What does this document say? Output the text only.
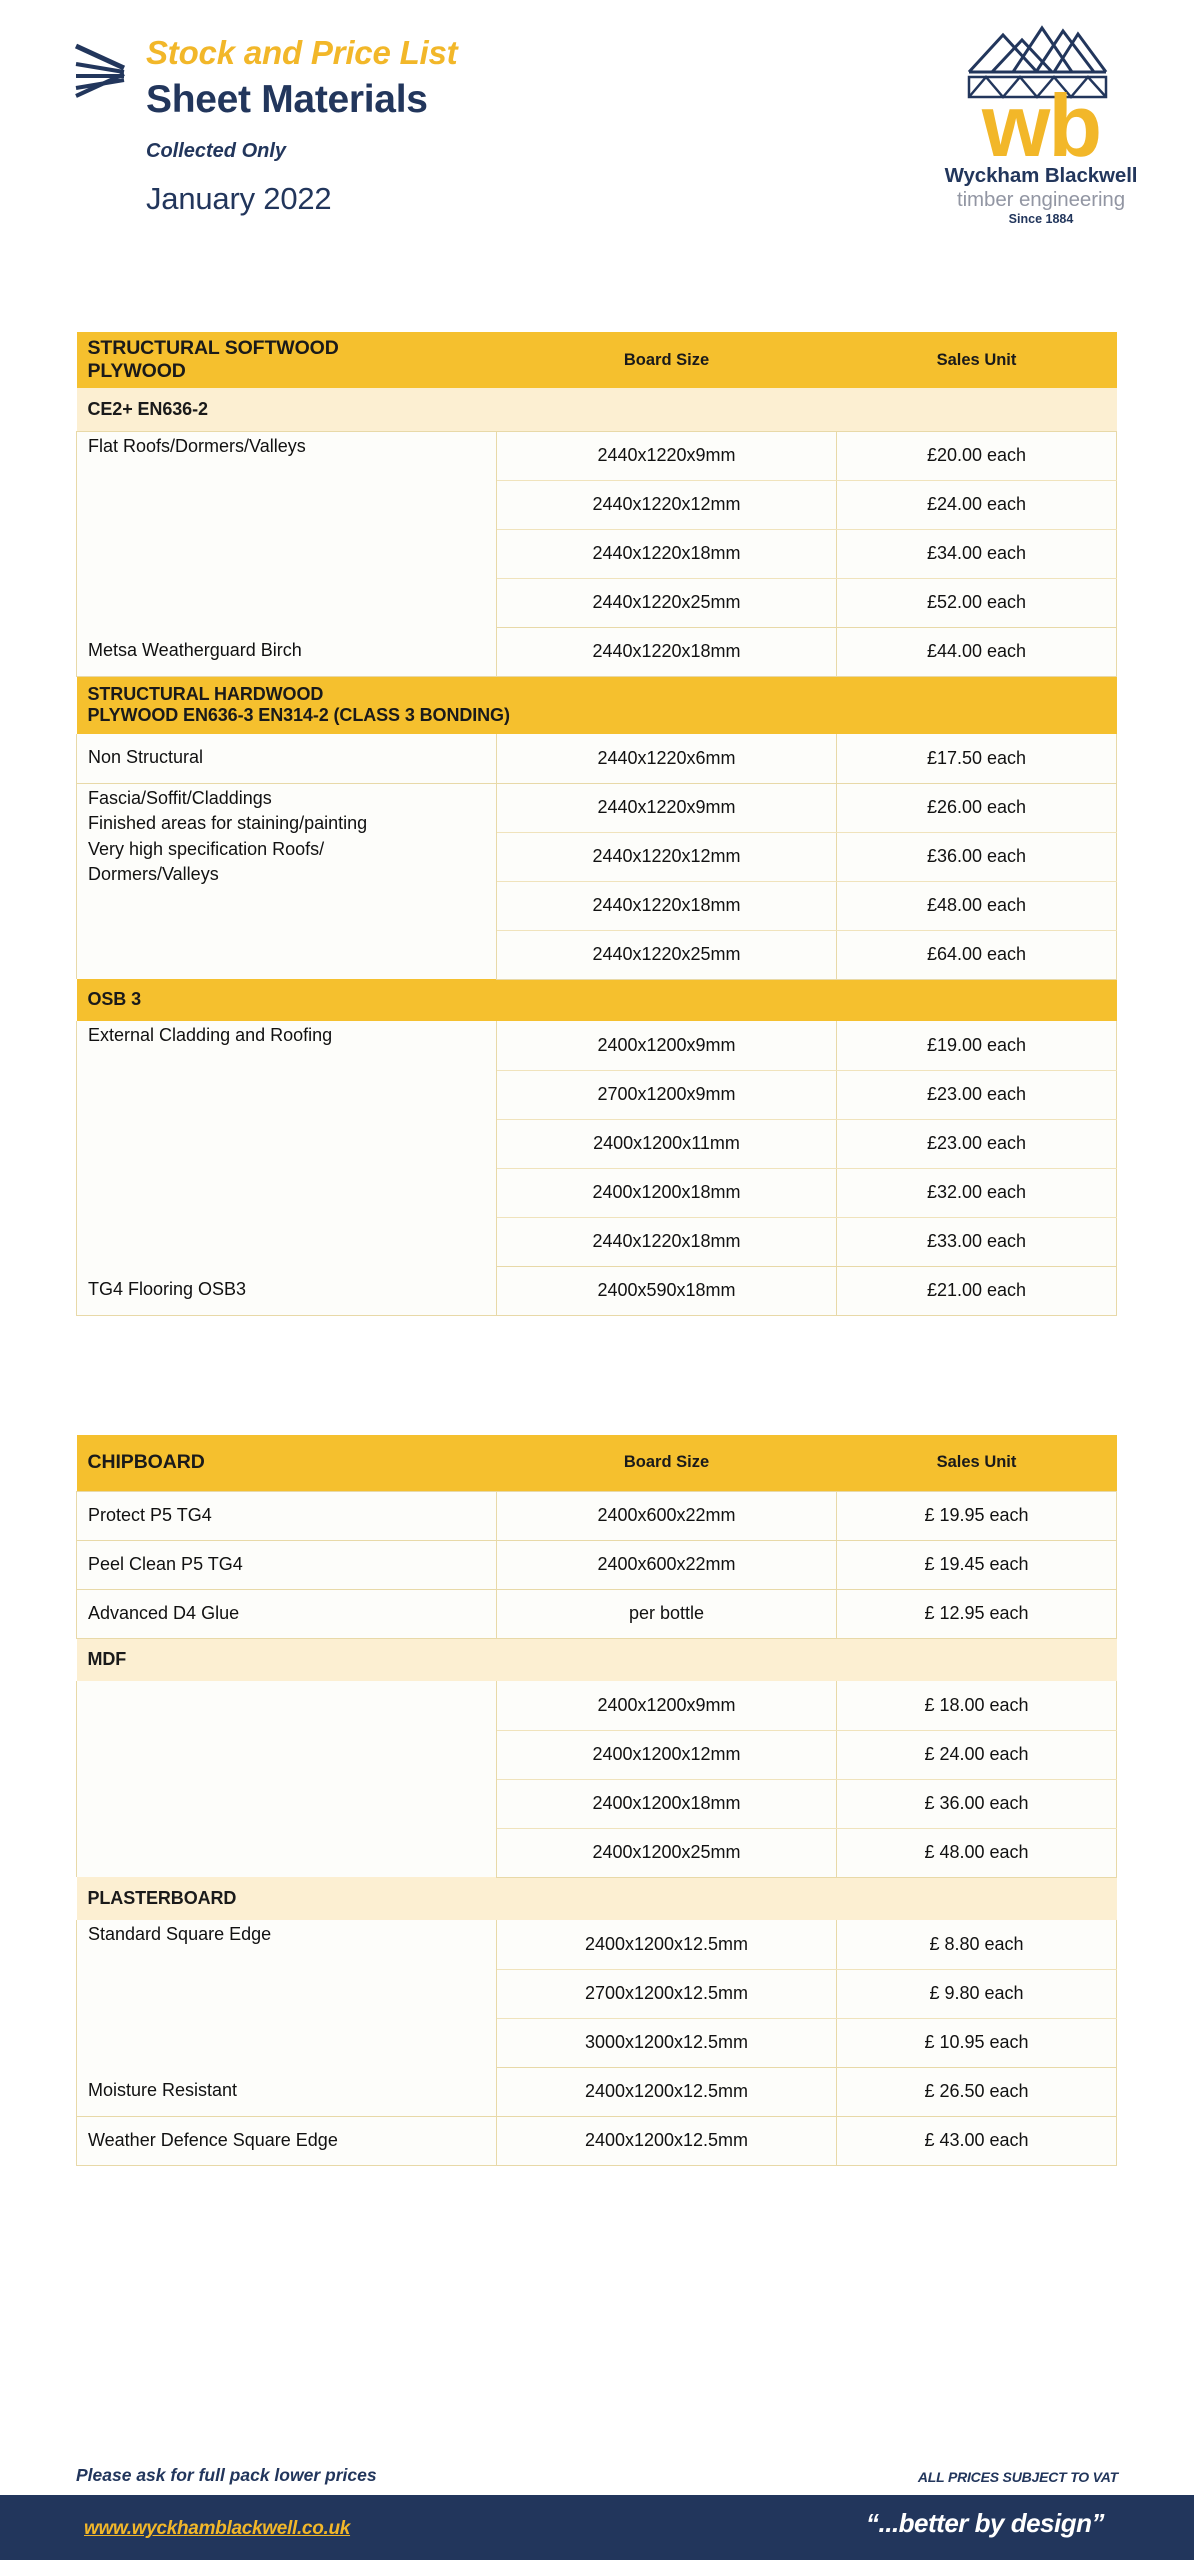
Stock and Price List
Sheet Materials
Collected Only
January 2022
wb
Wyckham Blackwell
timber engineering
Since 1884
STRUCTURAL SOFTWOOD
PLYWOOD	Board Size	Sales Unit
CE2+ EN636-2		
Flat Roofs/Dormers/Valleys	2440x1220x9mm	£20.00 each
	2440x1220x12mm	£24.00 each
	2440x1220x18mm	£34.00 each
	2440x1220x25mm	£52.00 each
Metsa Weatherguard Birch	2440x1220x18mm	£44.00 each

STRUCTURAL HARDWOOD
PLYWOOD EN636-3 EN314-2 (CLASS 3 BONDING)		

Non Structural	2440x1220x6mm	£17.50 each

Fascia/Soffit/Claddings
Finished areas for staining/painting
Very high specification Roofs/
Dormers/Valleys	2440x1220x9mm	£26.00 each
	2440x1220x12mm	£36.00 each
	2440x1220x18mm	£48.00 each
	2440x1220x25mm	£64.00 each
OSB 3		
External Cladding and Roofing	2400x1200x9mm	£19.00 each
	2700x1200x9mm	£23.00 each
	2400x1200x11mm	£23.00 each
	2400x1200x18mm	£32.00 each
	2440x1220x18mm	£33.00 each
TG4 Flooring OSB3	2400x590x18mm	£21.00 each
CHIPBOARD	Board Size	Sales Unit
Protect P5 TG4	2400x600x22mm	£ 19.95 each
Peel Clean P5 TG4	2400x600x22mm	£ 19.45 each
Advanced D4 Glue	per bottle	£ 12.95 each
MDF		
	2400x1200x9mm	£ 18.00 each
	2400x1200x12mm	£ 24.00 each
	2400x1200x18mm	£ 36.00 each
	2400x1200x25mm	£ 48.00 each
PLASTERBOARD		
Standard Square Edge	2400x1200x12.5mm	£ 8.80 each
	2700x1200x12.5mm	£ 9.80 each
	3000x1200x12.5mm	£ 10.95 each
Moisture Resistant	2400x1200x12.5mm	£ 26.50 each
Weather Defence Square Edge	2400x1200x12.5mm	£ 43.00 each
Please ask for full pack lower prices	ALL PRICES SUBJECT TO VAT
www.wyckhamblackwell.co.uk	“...better by design”
